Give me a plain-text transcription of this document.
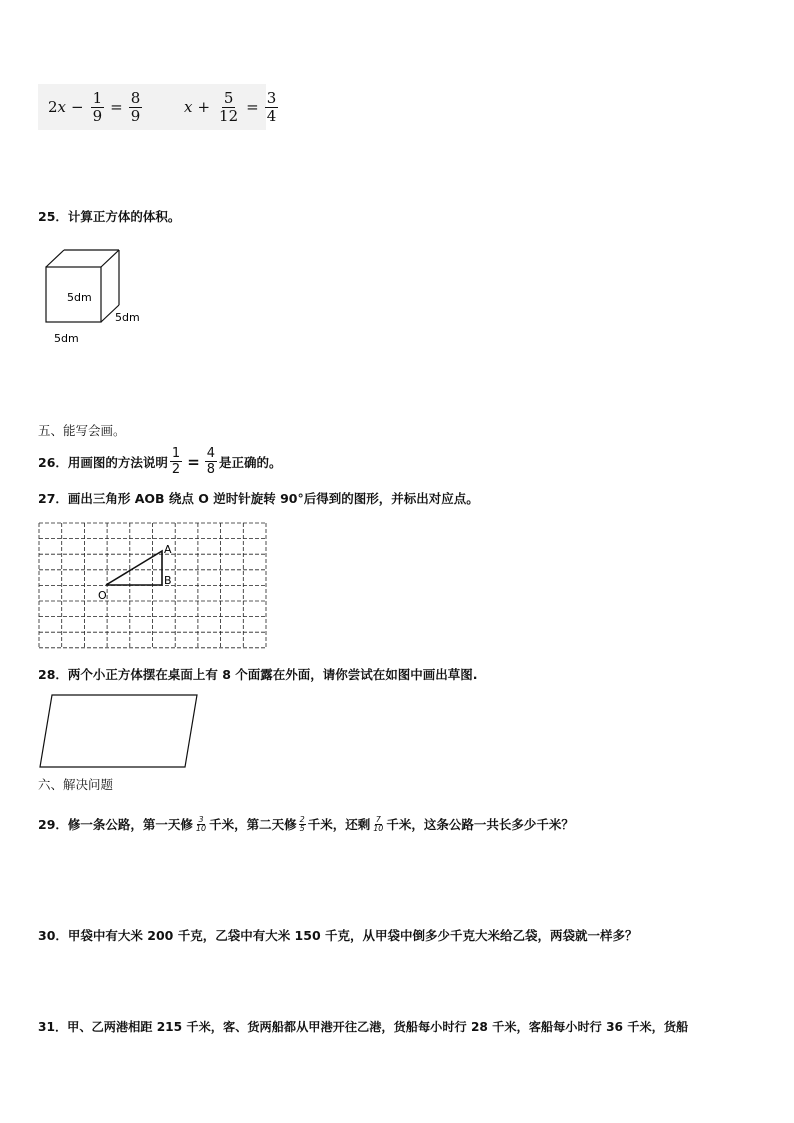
2 $x - \frac{1}{9} = \frac{8}{9}$	$x + \frac{5}{12} = \frac{3}{4}$
25．计算正方体的体积。
5dm
5dm
5dm
五、能写会画。
26．用画图的方法说明 $\frac{1}{2} = \frac{4}{8}$ 是正确的。
27．画出三角形 AOB 绕点 O 逆时针旋转 90°后得到的图形，并标出对应点。
A
B
O
28．两个小正方体摆在桌面上有 8 个面露在外面，请你尝试在如图中画出草图.
六、解决问题
29．修一条公路，第一天修 $\frac{3}{10}$ 千米，第二天修 $\frac{2}{5}$ 千米，还剩 $\frac{7}{10}$ 千米，这条公路一共长多少千米？
30．甲袋中有大米 200 千克，乙袋中有大米 150 千克，从甲袋中倒多少千克大米给乙袋，两袋就一样多？
31．甲、乙两港相距 215 千米，客、货两船都从甲港开往乙港，货船每小时行 28 千米，客船每小时行 36 千米，货船
